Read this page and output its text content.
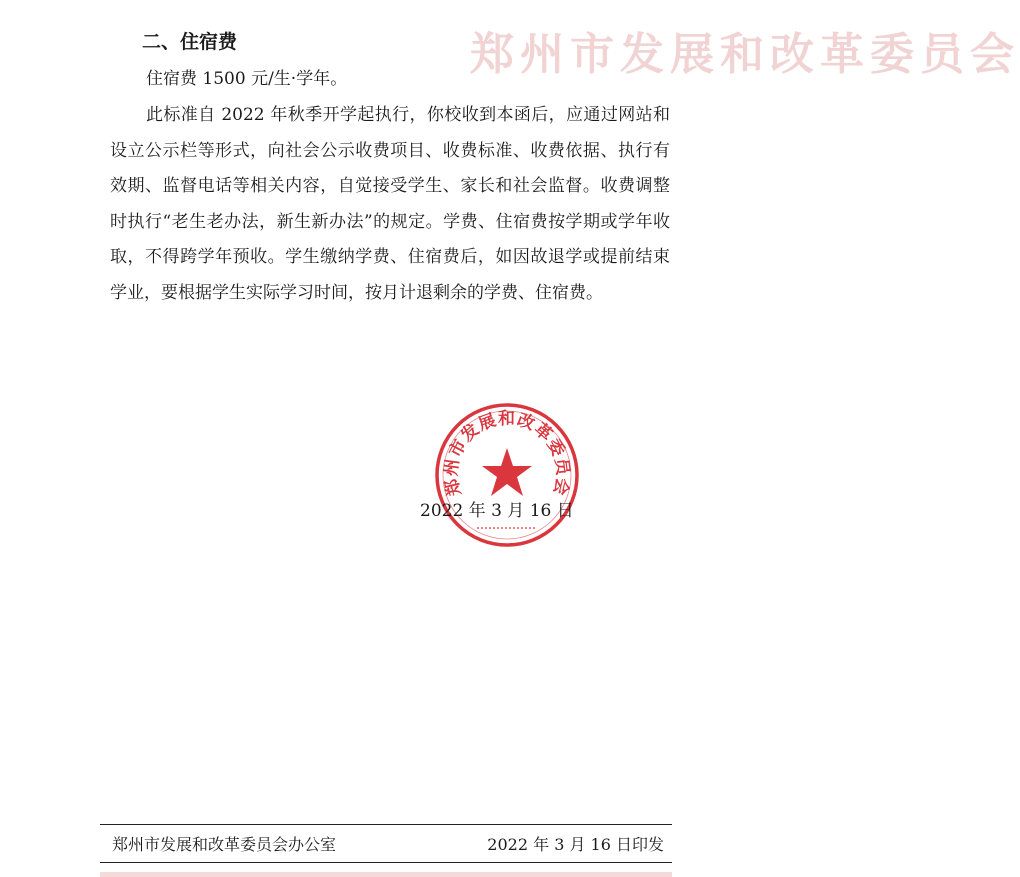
郑州市发展和改革委员会
二、住宿费
住宿费 1500 元/生·学年。
此标准自 2022 年秋季开学起执行，你校收到本函后，应通过网站和设立公示栏等形式，向社会公示收费项目、收费标准、收费依据、执行有效期、监督电话等相关内容，自觉接受学生、家长和社会监督。收费调整时执行“老生老办法，新生新办法”的规定。学费、住宿费按学期或学年收取，不得跨学年预收。学生缴纳学费、住宿费后，如因故退学或提前结束学业，要根据学生实际学习时间，按月计退剩余的学费、住宿费。
郑州市发展和改革委员会
2022 年 3 月 16 日
郑州市发展和改革委员会办公室	2022 年 3 月 16 日印发
